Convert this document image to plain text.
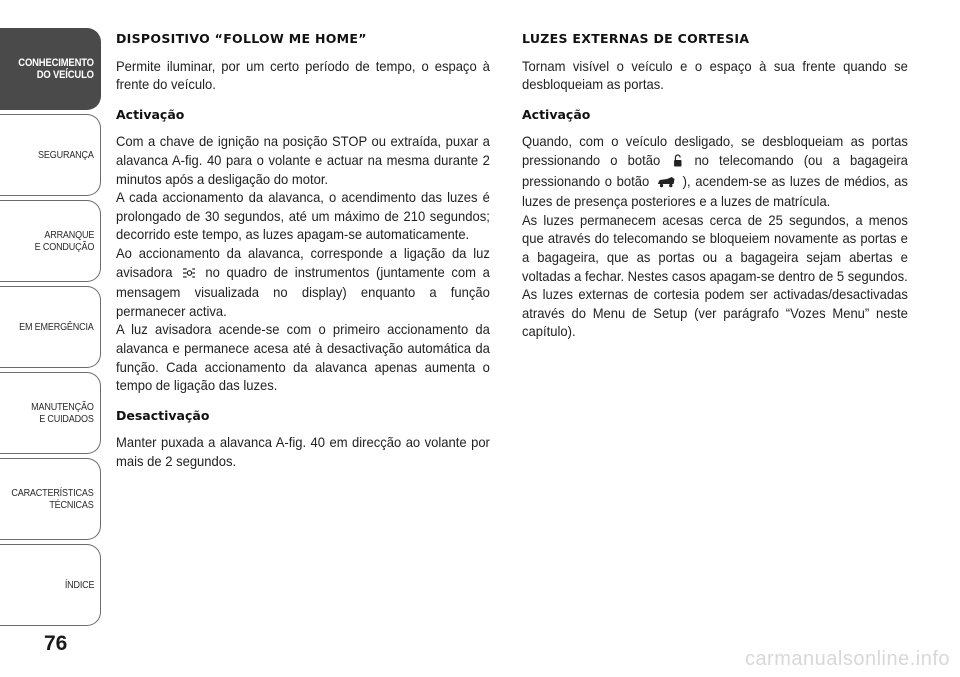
CONHECIMENTO
DO VEÍCULO
SEGURANÇA
ARRANQUE
E CONDUÇÃO
EM EMERGÊNCIA
MANUTENÇÃO
E CUIDADOS
CARACTERÍSTICAS
TÉCNICAS
ÍNDICE
76
DISPOSITIVO “FOLLOW ME HOME”

Permite iluminar, por um certo período de tempo, o espaço à frente do veículo.

Activação

Com a chave de ignição na posição STOP ou extraída, puxar a alavanca A-fig. 40 para o volante e actuar na mesma durante 2 minutos após a desligação do motor.

A cada accionamento da alavanca, o acendimento das luzes é prolongado de 30 segundos, até um máximo de 210 segundos; decorrido este tempo, as luzes apagam-se automaticamente.

Ao accionamento da alavanca, corresponde a ligação da luz avisadora no quadro de instrumentos (juntamente com a mensagem visualizada no display) enquanto a função permanecer activa.

A luz avisadora acende-se com o primeiro accionamento da alavanca e permanece acesa até à desactivação automática da função. Cada accionamento da alavanca apenas aumenta o tempo de ligação das luzes.

Desactivação

Manter puxada a alavanca A-fig. 40 em direcção ao volante por mais de 2 segundos.

LUZES EXTERNAS DE CORTESIA

Tornam visível o veículo e o espaço à sua frente quando se desbloqueiam as portas.

Activação

Quando, com o veículo desligado, se desbloqueiam as portas pressionando o botão no telecomando (ou a bagageira pressionando o botão ), acendem-se as luzes de médios, as luzes de presença posteriores e a luzes de matrícula.

As luzes permanecem acesas cerca de 25 segundos, a menos que através do telecomando se bloqueiem novamente as portas e a bagageira, que as portas ou a bagageira sejam abertas e voltadas a fechar. Nestes casos apagam-se dentro de 5 segundos.

As luzes externas de cortesia podem ser activadas/desactivadas através do Menu de Setup (ver parágrafo “Vozes Menu” neste capítulo).

carmanualsonline.info
